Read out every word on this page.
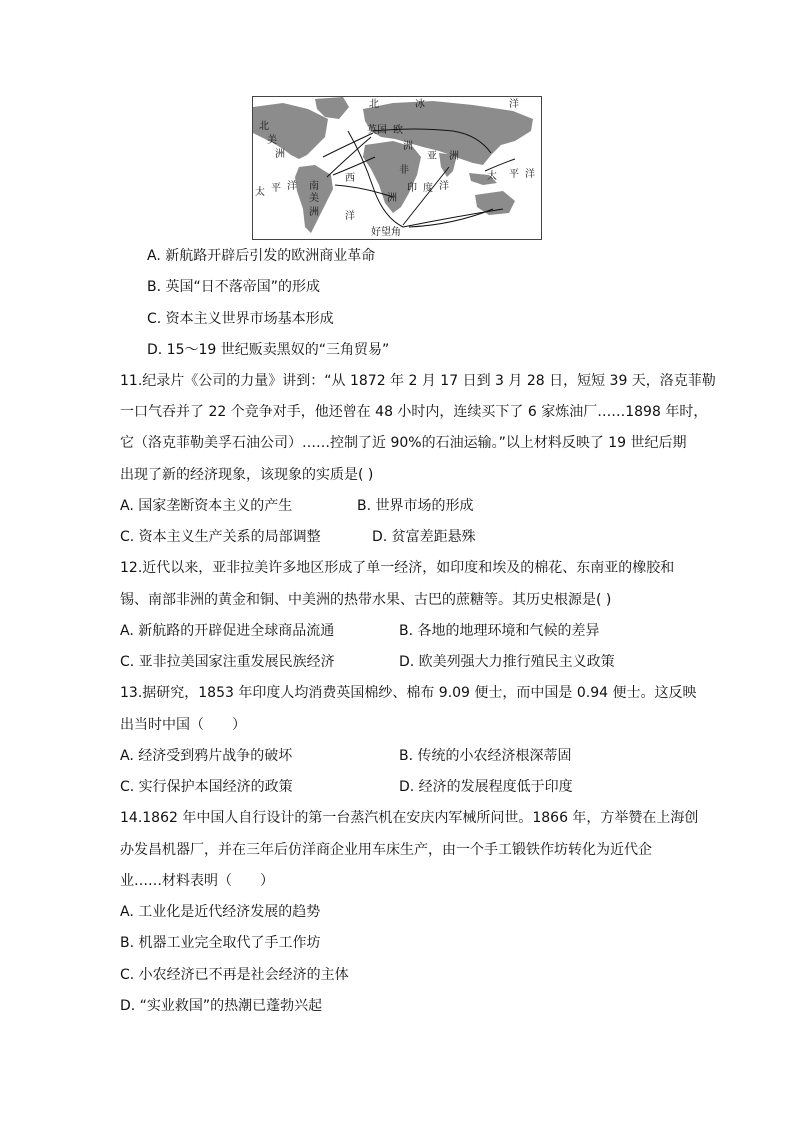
北	冰	洋
北
美
洲
英国 欧
洲
亚 洲
非
洲
南
美
洲
西
洋
太 平 洋	印 度 洋
太 平 洋
好望角
A. 新航路开辟后引发的欧洲商业革命
B. 英国“日不落帝国”的形成
C. 资本主义世界市场基本形成
D. 15～19 世纪贩卖黑奴的“三角贸易”
11.纪录片《公司的力量》讲到：“从 1872 年 2 月 17 日到 3 月 28 日，短短 39 天，洛克菲勒
一口气吞并了 22 个竞争对手，他还曾在 48 小时内，连续买下了 6 家炼油厂……1898 年时，
它（洛克菲勒美孚石油公司）……控制了近 90%的石油运输。”以上材料反映了 19 世纪后期
出现了新的经济现象，该现象的实质是( )
A. 国家垄断资本主义的产生	B. 世界市场的形成
C. 资本主义生产关系的局部调整	D. 贫富差距悬殊
12.近代以来，亚非拉美许多地区形成了单一经济，如印度和埃及的棉花、东南亚的橡胶和
锡、南部非洲的黄金和铜、中美洲的热带水果、古巴的蔗糖等。其历史根源是( )
A. 新航路的开辟促进全球商品流通	B. 各地的地理环境和气候的差异
C. 亚非拉美国家注重发展民族经济	D. 欧美列强大力推行殖民主义政策
13.据研究，1853 年印度人均消费英国棉纱、棉布 9.09 便士，而中国是 0.94 便士。这反映
出当时中国（　　）
A. 经济受到鸦片战争的破坏	B. 传统的小农经济根深蒂固
C. 实行保护本国经济的政策	D. 经济的发展程度低于印度
14.1862 年中国人自行设计的第一台蒸汽机在安庆内军械所问世。1866 年，方举赞在上海创
办发昌机器厂，并在三年后仿洋商企业用车床生产，由一个手工锻铁作坊转化为近代企
业……材料表明（　　）
A. 工业化是近代经济发展的趋势
B. 机器工业完全取代了手工作坊
C. 小农经济已不再是社会经济的主体
D. “实业救国”的热潮已蓬勃兴起
